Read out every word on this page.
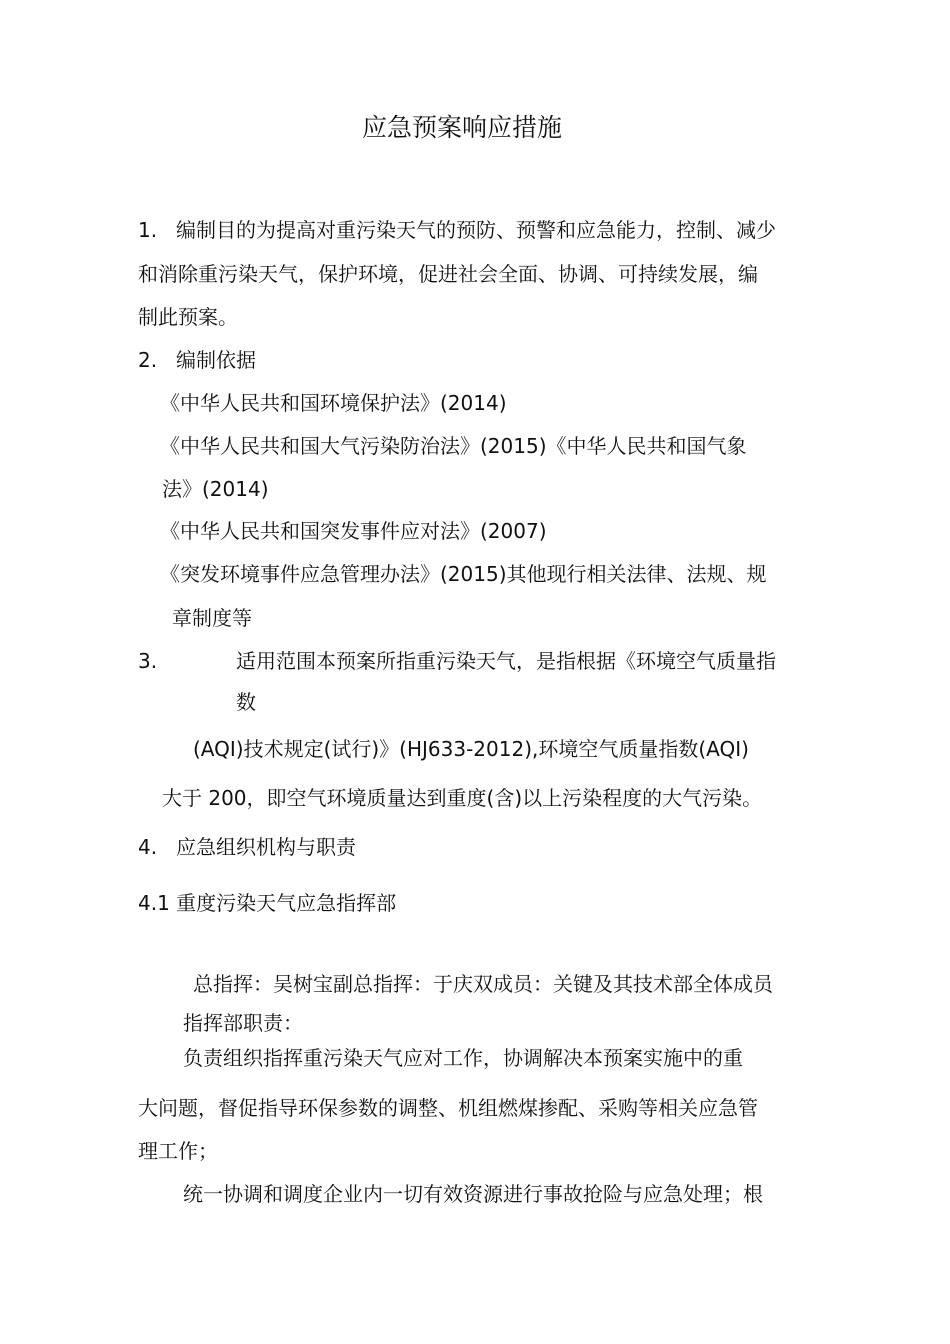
应急预案响应措施
1. 编制目的为提高对重污染天气的预防、预警和应急能力，控制、减少
和消除重污染天气，保护环境，促进社会全面、协调、可持续发展，编
制此预案。
2. 编制依据
《中华人民共和国环境保护法》(2014)
《中华人民共和国大气污染防治法》(2015)《中华人民共和国气象
法》(2014)
《中华人民共和国突发事件应对法》(2007)
《突发环境事件应急管理办法》(2015)其他现行相关法律、法规、规
章制度等
3.	适用范围本预案所指重污染天气，是指根据《环境空气质量指
数
(AQI)技术规定(试行)》(HJ633-2012),环境空气质量指数(AQI)
大于 200，即空气环境质量达到重度(含)以上污染程度的大气污染。
4. 应急组织机构与职责
4.1 重度污染天气应急指挥部
总指挥：吴树宝副总指挥：于庆双成员：关键及其技术部全体成员
指挥部职责：
负责组织指挥重污染天气应对工作，协调解决本预案实施中的重
大问题，督促指导环保参数的调整、机组燃煤掺配、采购等相关应急管
理工作；
统一协调和调度企业内一切有效资源进行事故抢险与应急处理；根
